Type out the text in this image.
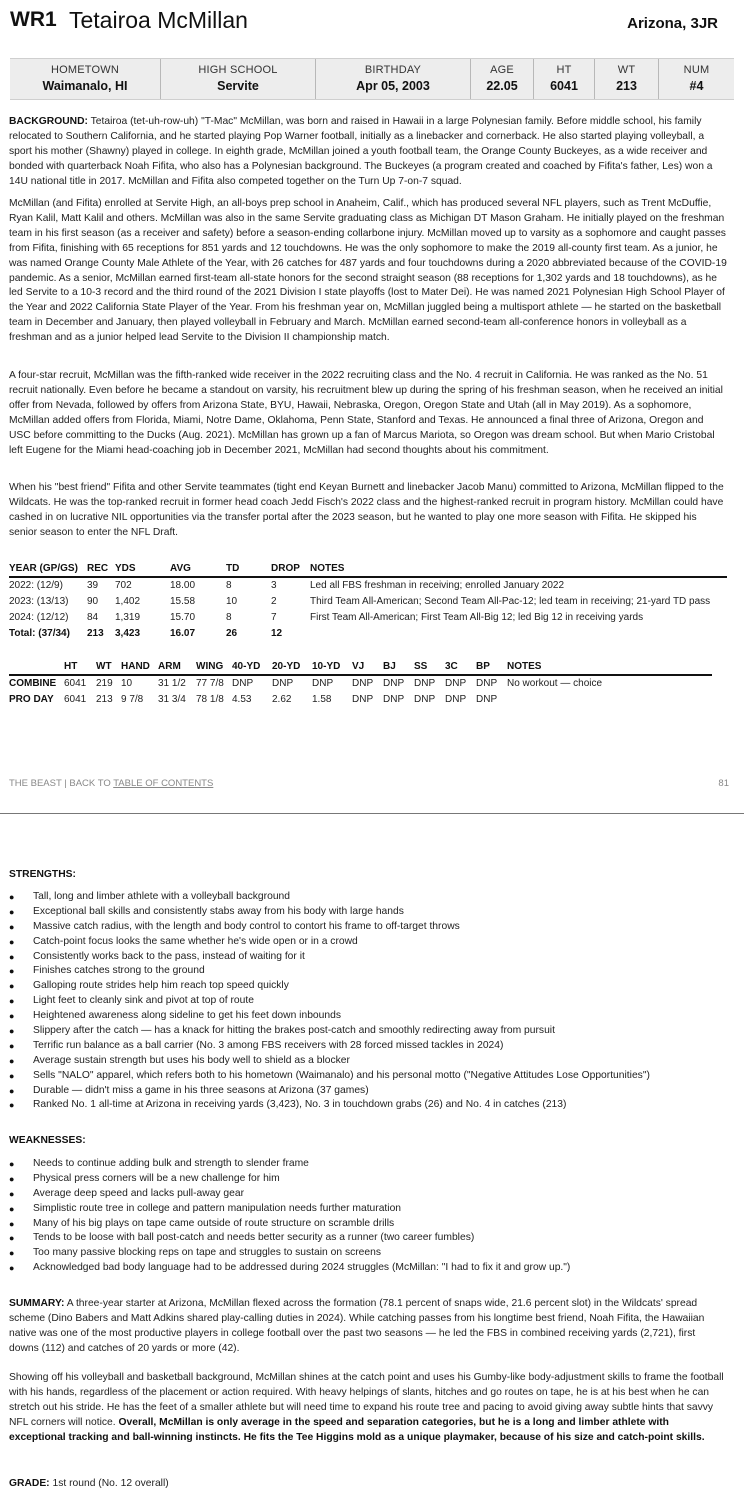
WR1 Tetairoa McMillan	Arizona, 3JR
HOMETOWN
Waimanalo, HI
HIGH SCHOOL
Servite
BIRTHDAY
Apr 05, 2003
AGE
22.05
HT
6041
WT
213
NUM
#4

BACKGROUND: Tetairoa (tet-uh-row-uh) "T-Mac" McMillan, was born and raised in Hawaii in a large Polynesian family. Before middle school, his family relocated to Southern California, and he started playing Pop Warner football, initially as a linebacker and cornerback. He also started playing volleyball, a sport his mother (Shawny) played in college. In eighth grade, McMillan joined a youth football team, the Orange County Buckeyes, as a wide receiver and bonded with quarterback Noah Fifita, who also has a Polynesian background. The Buckeyes (a program created and coached by Fifita's father, Les) won a 14U national title in 2017. McMillan and Fifita also competed together on the Turn Up 7-on-7 squad.

McMillan (and Fifita) enrolled at Servite High, an all-boys prep school in Anaheim, Calif., which has produced several NFL players, such as Trent McDuffie, Ryan Kalil, Matt Kalil and others. McMillan was also in the same Servite graduating class as Michigan DT Mason Graham. He initially played on the freshman team in his first season (as a receiver and safety) before a season-ending collarbone injury. McMillan moved up to varsity as a sophomore and caught passes from Fifita, finishing with 65 receptions for 851 yards and 12 touchdowns. He was the only sophomore to make the 2019 all-county first team. As a junior, he was named Orange County Male Athlete of the Year, with 26 catches for 487 yards and four touchdowns during a 2020 abbreviated because of the COVID-19 pandemic. As a senior, McMillan earned first-team all-state honors for the second straight season (88 receptions for 1,302 yards and 18 touchdowns), as he led Servite to a 10-3 record and the third round of the 2021 Division I state playoffs (lost to Mater Dei). He was named 2021 Polynesian High School Player of the Year and 2022 California State Player of the Year. From his freshman year on, McMillan juggled being a multisport athlete — he started on the basketball team in December and January, then played volleyball in February and March. McMillan earned second-team all-conference honors in volleyball as a freshman and as a junior helped lead Servite to the Division II championship match.

A four-star recruit, McMillan was the fifth-ranked wide receiver in the 2022 recruiting class and the No. 4 recruit in California. He was ranked as the No. 51 recruit nationally. Even before he became a standout on varsity, his recruitment blew up during the spring of his freshman season, when he received an initial offer from Nevada, followed by offers from Arizona State, BYU, Hawaii, Nebraska, Oregon, Oregon State and Utah (all in May 2019). As a sophomore, McMillan added offers from Florida, Miami, Notre Dame, Oklahoma, Penn State, Stanford and Texas. He announced a final three of Arizona, Oregon and USC before committing to the Ducks (Aug. 2021). McMillan has grown up a fan of Marcus Mariota, so Oregon was dream school. But when Mario Cristobal left Eugene for the Miami head-coaching job in December 2021, McMillan had second thoughts about his commitment.

When his "best friend" Fifita and other Servite teammates (tight end Keyan Burnett and linebacker Jacob Manu) committed to Arizona, McMillan flipped to the Wildcats. He was the top-ranked recruit in former head coach Jedd Fisch's 2022 class and the highest-ranked recruit in program history. McMillan could have cashed in on lucrative NIL opportunities via the transfer portal after the 2023 season, but he wanted to play one more season with Fifita. He skipped his senior season to enter the NFL Draft.

YEAR (GP/GS)	REC	YDS	AVG	TD	DROP	NOTES
2022: (12/9)	39	702	18.00	8	3	Led all FBS freshman in receiving; enrolled January 2022
2023: (13/13)	90	1,402	15.58	10	2	Third Team All-American; Second Team All-Pac-12; led team in receiving; 21-yard TD pass
2024: (12/12)	84	1,319	15.70	8	7	First Team All-American; First Team All-Big 12; led Big 12 in receiving yards
Total: (37/34)	213	3,423	16.07	26	12	
	HT	WT	HAND	ARM	WING	40-YD	20-YD	10-YD	VJ	BJ	SS	3C	BP	NOTES
COMBINE	6041	219	10	31 1/2	77 7/8	DNP	DNP	DNP	DNP	DNP	DNP	DNP	DNP	No workout — choice
PRO DAY	6041	213	9 7/8	31 3/4	78 1/8	4.53	2.62	1.58	DNP	DNP	DNP	DNP	DNP	
THE BEAST | BACK TO TABLE OF CONTENTS	81
STRENGTHS:
● Tall, long and limber athlete with a volleyball background
● Exceptional ball skills and consistently stabs away from his body with large hands
● Massive catch radius, with the length and body control to contort his frame to off-target throws
● Catch-point focus looks the same whether he's wide open or in a crowd
● Consistently works back to the pass, instead of waiting for it
● Finishes catches strong to the ground
● Galloping route strides help him reach top speed quickly
● Light feet to cleanly sink and pivot at top of route
● Heightened awareness along sideline to get his feet down inbounds
● Slippery after the catch — has a knack for hitting the brakes post-catch and smoothly redirecting away from pursuit
● Terrific run balance as a ball carrier (No. 3 among FBS receivers with 28 forced missed tackles in 2024)
● Average sustain strength but uses his body well to shield as a blocker
● Sells "NALO" apparel, which refers both to his hometown (Waimanalo) and his personal motto ("Negative Attitudes Lose Opportunities")
● Durable — didn't miss a game in his three seasons at Arizona (37 games)
● Ranked No. 1 all-time at Arizona in receiving yards (3,423), No. 3 in touchdown grabs (26) and No. 4 in catches (213)
WEAKNESSES:
● Needs to continue adding bulk and strength to slender frame
● Physical press corners will be a new challenge for him
● Average deep speed and lacks pull-away gear
● Simplistic route tree in college and pattern manipulation needs further maturation
● Many of his big plays on tape came outside of route structure on scramble drills
● Tends to be loose with ball post-catch and needs better security as a runner (two career fumbles)
● Too many passive blocking reps on tape and struggles to sustain on screens
● Acknowledged bad body language had to be addressed during 2024 struggles (McMillan: "I had to fix it and grow up.")

SUMMARY: A three-year starter at Arizona, McMillan flexed across the formation (78.1 percent of snaps wide, 21.6 percent slot) in the Wildcats' spread scheme (Dino Babers and Matt Adkins shared play-calling duties in 2024). While catching passes from his longtime best friend, Noah Fifita, the Hawaiian native was one of the most productive players in college football over the past two seasons — he led the FBS in combined receiving yards (2,721), first downs (112) and catches of 20 yards or more (42).

Showing off his volleyball and basketball background, McMillan shines at the catch point and uses his Gumby-like body-adjustment skills to frame the football with his hands, regardless of the placement or action required. With heavy helpings of slants, hitches and go routes on tape, he is at his best when he can stretch out his stride. He has the feet of a smaller athlete but will need time to expand his route tree and pacing to avoid giving away subtle hints that savvy NFL corners will notice. Overall, McMillan is only average in the speed and separation categories, but he is a long and limber athlete with exceptional tracking and ball-winning instincts. He fits the Tee Higgins mold as a unique playmaker, because of his size and catch-point skills.

GRADE: 1st round (No. 12 overall)
